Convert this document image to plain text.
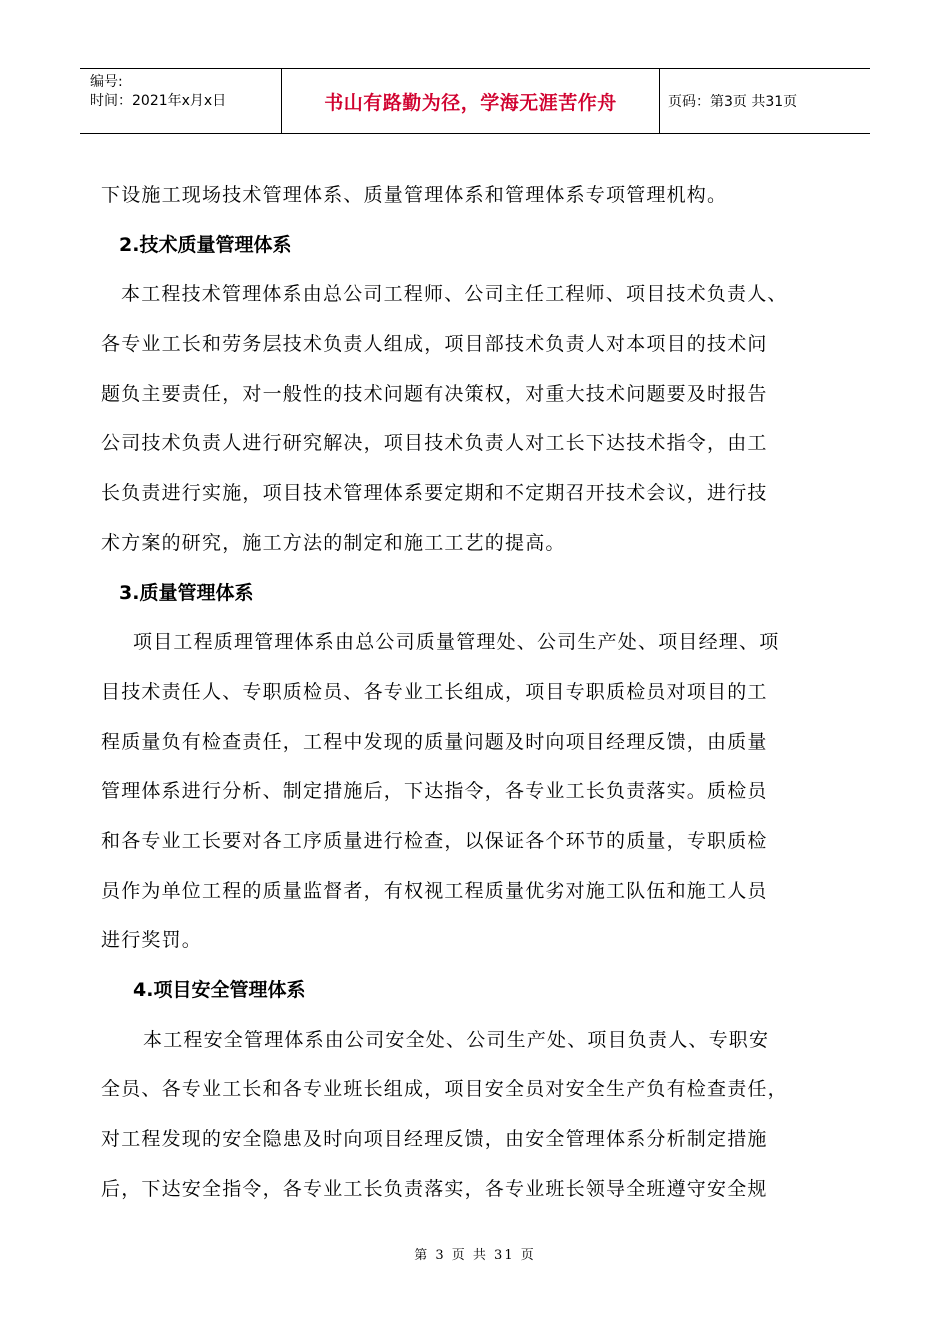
编号:
时间：2021年x月x日	书山有路勤为径，学海无涯苦作舟	页码：第3页 共31页
下设施工现场技术管理体系、质量管理体系和管理体系专项管理机构。
2.技术质量管理体系
本工程技术管理体系由总公司工程师、公司主任工程师、项目技术负责人、
各专业工长和劳务层技术负责人组成，项目部技术负责人对本项目的技术问
题负主要责任，对一般性的技术问题有决策权，对重大技术问题要及时报告
公司技术负责人进行研究解决，项目技术负责人对工长下达技术指令，由工
长负责进行实施，项目技术管理体系要定期和不定期召开技术会议，进行技
术方案的研究，施工方法的制定和施工工艺的提高。
3.质量管理体系
项目工程质理管理体系由总公司质量管理处、公司生产处、项目经理、项
目技术责任人、专职质检员、各专业工长组成，项目专职质检员对项目的工
程质量负有检查责任，工程中发现的质量问题及时向项目经理反馈，由质量
管理体系进行分析、制定措施后，下达指令，各专业工长负责落实。质检员
和各专业工长要对各工序质量进行检查，以保证各个环节的质量，专职质检
员作为单位工程的质量监督者，有权视工程质量优劣对施工队伍和施工人员
进行奖罚。
4.项目安全管理体系
本工程安全管理体系由公司安全处、公司生产处、项目负责人、专职安
全员、各专业工长和各专业班长组成，项目安全员对安全生产负有检查责任，
对工程发现的安全隐患及时向项目经理反馈，由安全管理体系分析制定措施
后，下达安全指令，各专业工长负责落实，各专业班长领导全班遵守安全规
第 3 页 共 31 页
